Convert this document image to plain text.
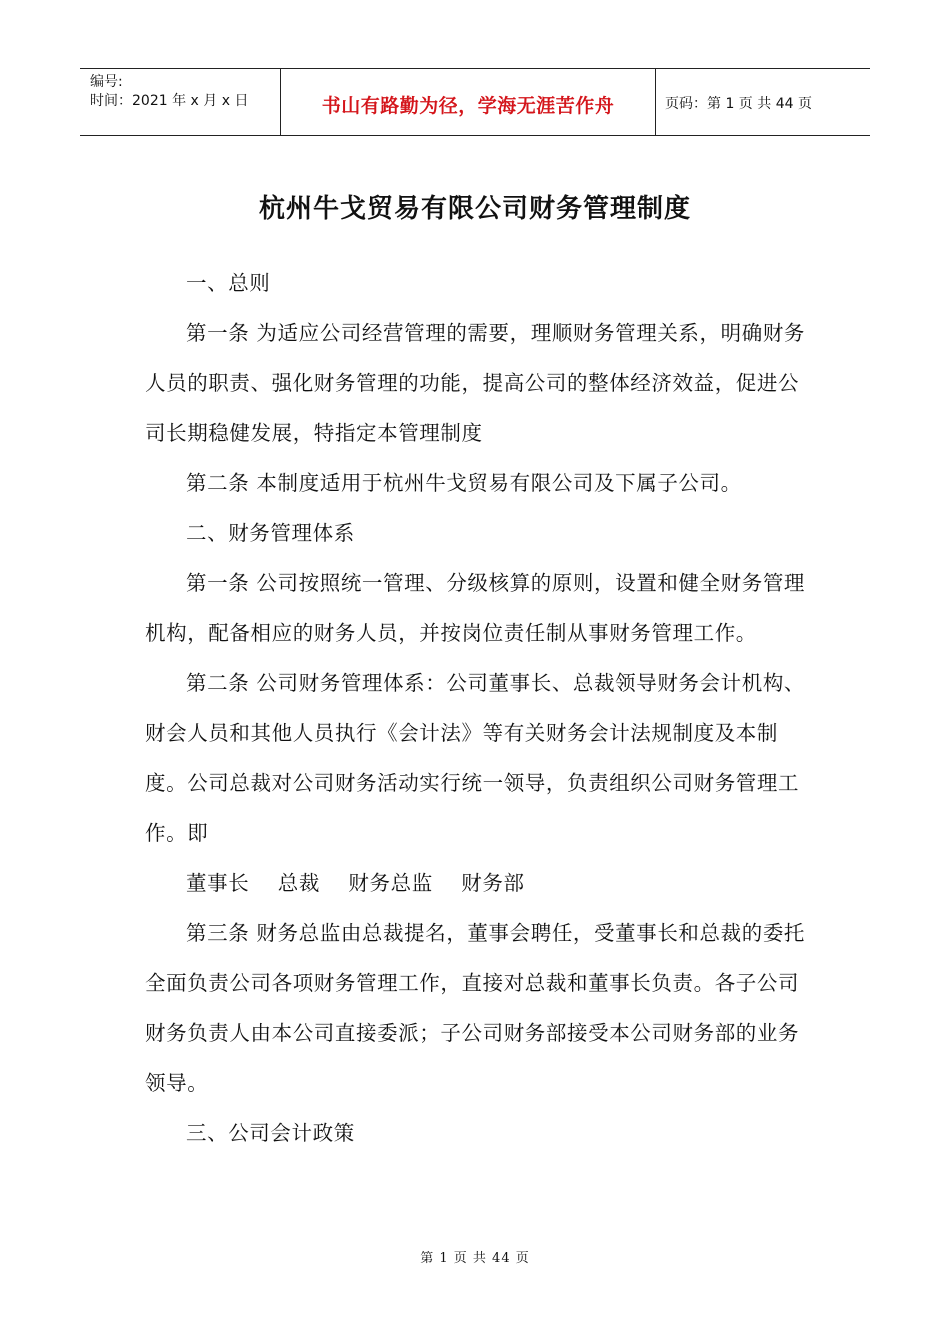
编号:
时间：2021 年 x 月 x 日	书山有路勤为径，学海无涯苦作舟	页码：第 1 页 共 44 页
杭州牛戈贸易有限公司财务管理制度

一、总则

第一条 为适应公司经营管理的需要，理顺财务管理关系，明确财务人员的职责、强化财务管理的功能，提高公司的整体经济效益，促进公司长期稳健发展，特指定本管理制度

第二条 本制度适用于杭州牛戈贸易有限公司及下属子公司。

二、财务管理体系

第一条 公司按照统一管理、分级核算的原则，设置和健全财务管理机构，配备相应的财务人员，并按岗位责任制从事财务管理工作。

第二条 公司财务管理体系：公司董事长、总裁领导财务会计机构、财会人员和其他人员执行《会计法》等有关财务会计法规制度及本制度。公司总裁对公司财务活动实行统一领导，负责组织公司财务管理工作。即

董事长    总裁    财务总监    财务部

第三条 财务总监由总裁提名，董事会聘任，受董事长和总裁的委托全面负责公司各项财务管理工作，直接对总裁和董事长负责。各子公司财务负责人由本公司直接委派；子公司财务部接受本公司财务部的业务领导。

三、公司会计政策

第 1 页 共 44 页
